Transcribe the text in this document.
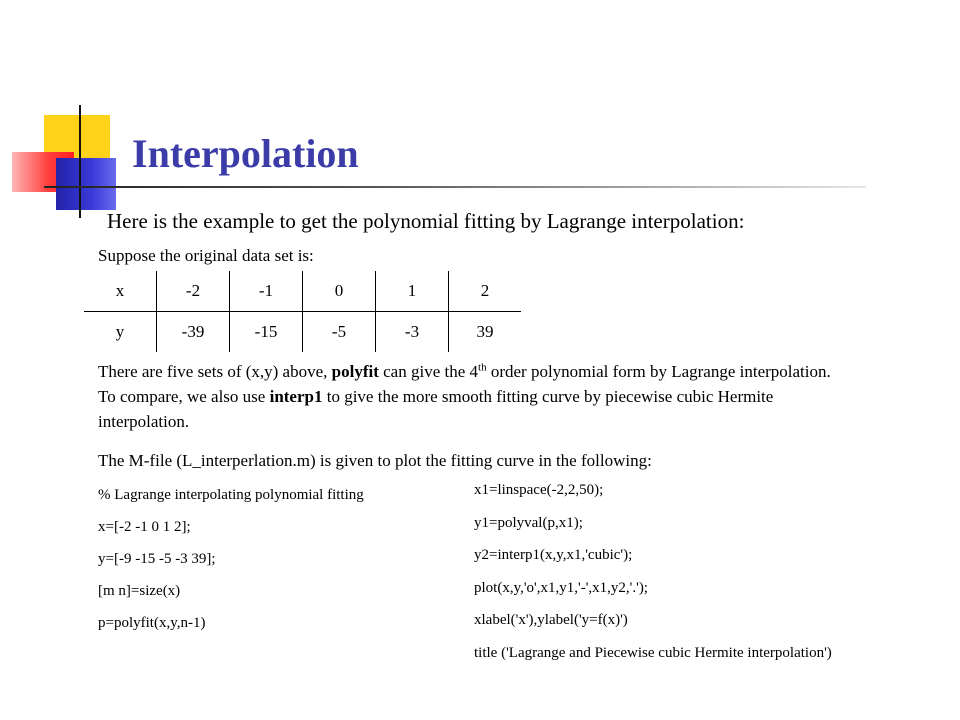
Interpolation
Here is the example to get the polynomial fitting by Lagrange interpolation:
Suppose the original data set is:
x	-2	-1	0	1	2
y	-39	-15	-5	-3	39
There are five sets of (x,y) above, polyfit can give the 4th order polynomial form by Lagrange interpolation. To compare, we also use interp1 to give the more smooth fitting curve by piecewise cubic Hermite interpolation.
The M-file (L_interperlation.m) is given to plot the fitting curve in the following:
% Lagrange interpolating polynomial fitting
x=[-2 -1 0 1 2];
y=[-9 -15 -5 -3 39];
[m n]=size(x)
p=polyfit(x,y,n-1)
x1=linspace(-2,2,50);
y1=polyval(p,x1);
y2=interp1(x,y,x1,'cubic');
plot(x,y,'o',x1,y1,'-',x1,y2,'.');
xlabel('x'),ylabel('y=f(x)')
title ('Lagrange and Piecewise cubic Hermite interpolation')
